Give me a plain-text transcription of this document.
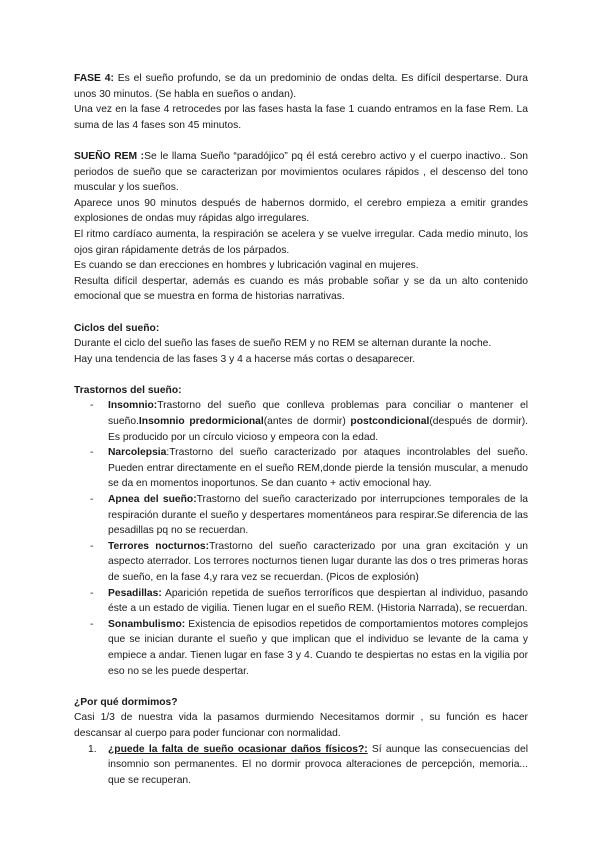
FASE 4: Es el sueño profundo, se da un predominio de ondas delta. Es difícil despertarse. Dura unos 30 minutos. (Se habla en sueños o andan).

Una vez en la fase 4 retrocedes por las fases hasta la fase 1 cuando entramos en la fase Rem. La suma de las 4 fases son 45 minutos.

SUEÑO REM :Se le llama Sueño “paradójico” pq él está cerebro activo y el cuerpo inactivo.. Son periodos de sueño que se caracterizan por movimientos oculares rápidos , el descenso del tono muscular y los sueños.

Aparece unos 90 minutos después de habernos dormido, el cerebro empieza a emitir grandes explosiones de ondas muy rápidas algo irregulares.

El ritmo cardíaco aumenta, la respiración se acelera y se vuelve irregular. Cada medio minuto, los ojos giran rápidamente detrás de los párpados.

Es cuando se dan erecciones en hombres y lubricación vaginal en mujeres.

Resulta difícil despertar, además es cuando es más probable soñar y se da un alto contenido emocional que se muestra en forma de historias narrativas.

Ciclos del sueño:

Durante el ciclo del sueño las fases de sueño REM y no REM se alternan durante la noche.

Hay una tendencia de las fases 3 y 4 a hacerse más cortas o desaparecer.

Trastornos del sueño:

- Insomnio:Trastorno del sueño que conlleva problemas para conciliar o mantener el sueño.Insomnio predormicional(antes de dormir) postcondicional(después de dormir). Es producido por un círculo vicioso y empeora con la edad.
- Narcolepsia:Trastorno del sueño caracterizado por ataques incontrolables del sueño. Pueden entrar directamente en el sueño REM,donde pierde la tensión muscular, a menudo se da en momentos inoportunos. Se dan cuanto + activ emocional hay.
- Apnea del sueño:Trastorno del sueño caracterizado por interrupciones temporales de la respiración durante el sueño y despertares momentáneos para respirar.Se diferencia de las pesadillas pq no se recuerdan.
- Terrores nocturnos:Trastorno del sueño caracterizado por una gran excitación y un aspecto aterrador. Los terrores nocturnos tienen lugar durante las dos o tres primeras horas de sueño, en la fase 4,y rara vez se recuerdan. (Picos de explosión)
- Pesadillas: Aparición repetida de sueños terroríficos que despiertan al individuo, pasando éste a un estado de vigilia. Tienen lugar en el sueño REM. (Historia Narrada), se recuerdan.
- Sonambulismo: Existencia de episodios repetidos de comportamientos motores complejos que se inician durante el sueño y que implican que el individuo se levante de la cama y empiece a andar. Tienen lugar en fase 3 y 4. Cuando te despiertas no estas en la vigilia por eso no se les puede despertar.

¿Por qué dormimos?

Casi 1/3 de nuestra vida la pasamos durmiendo Necesitamos dormir , su función es hacer descansar al cuerpo para poder funcionar con normalidad.

1. ¿puede la falta de sueño ocasionar daños físicos?: Sí aunque las consecuencias del insomnio son permanentes. El no dormir provoca alteraciones de percepción, memoria... que se recuperan.
